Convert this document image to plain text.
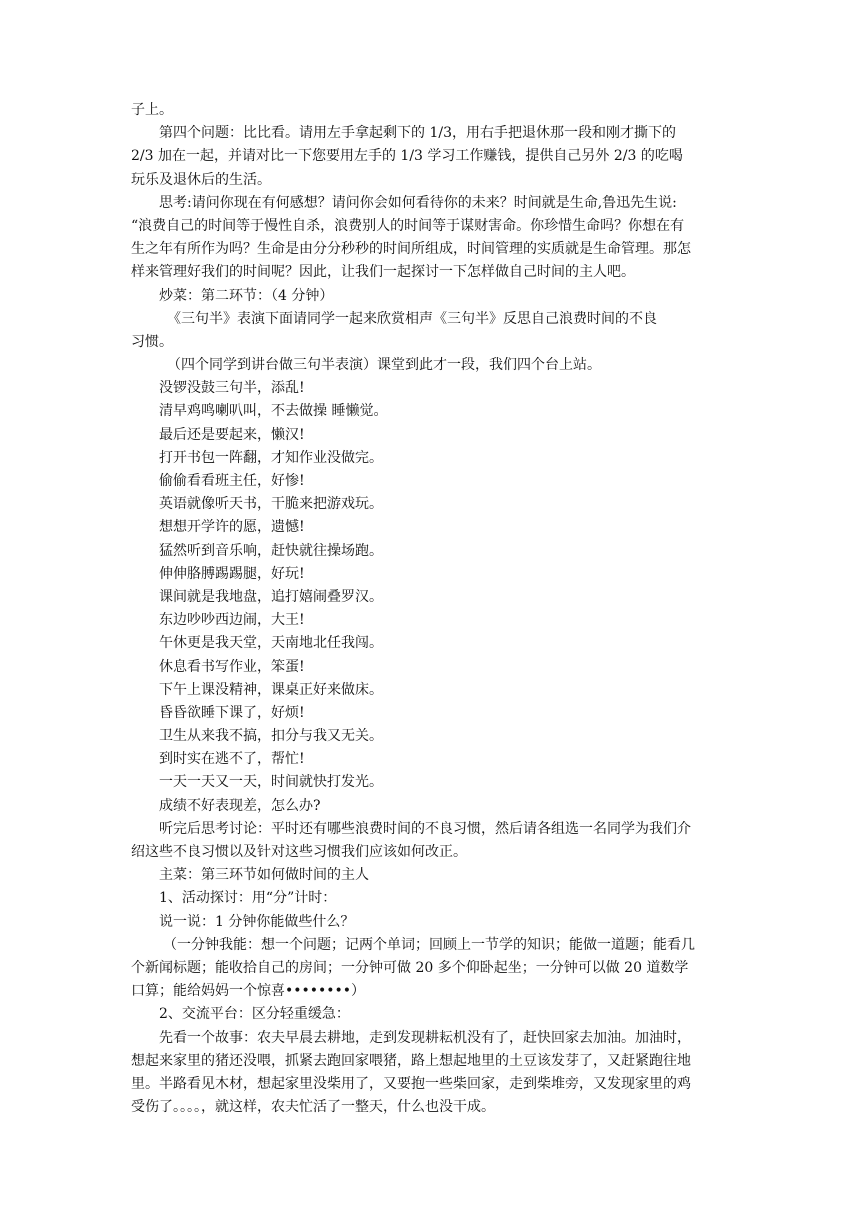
子上。
第四个问题：比比看。请用左手拿起剩下的 1/3，用右手把退休那一段和刚才撕下的
2/3 加在一起，并请对比一下您要用左手的 1/3 学习工作赚钱，提供自己另外 2/3 的吃喝
玩乐及退休后的生活。
思考:请问你现在有何感想？请问你会如何看待你的未来？时间就是生命,鲁迅先生说:
“浪费自己的时间等于慢性自杀，浪费别人的时间等于谋财害命。你珍惜生命吗？你想在有
生之年有所作为吗？生命是由分分秒秒的时间所组成，时间管理的实质就是生命管理。那怎
样来管理好我们的时间呢？因此，让我们一起探讨一下怎样做自己时间的主人吧。
炒菜：第二环节：（4 分钟）
《三句半》表演下面请同学一起来欣赏相声《三句半》反思自己浪费时间的不良
习惯。
（四个同学到讲台做三句半表演）课堂到此才一段，我们四个台上站。
没锣没鼓三句半，添乱!
清早鸡鸣喇叭叫，不去做操 睡懒觉。
最后还是要起来，懒汉!
打开书包一阵翻，才知作业没做完。
偷偷看看班主任，好惨!
英语就像听天书，干脆来把游戏玩。
想想开学许的愿，遗憾!
猛然听到音乐响，赶快就往操场跑。
伸伸胳膊踢踢腿，好玩!
课间就是我地盘，追打嬉闹叠罗汉。
东边吵吵西边闹，大王!
午休更是我天堂，天南地北任我闯。
休息看书写作业，笨蛋!
下午上课没精神，课桌正好来做床。
昏昏欲睡下课了，好烦!
卫生从来我不搞，扣分与我又无关。
到时实在逃不了，帮忙!
一天一天又一天，时间就快打发光。
成绩不好表现差，怎么办?
听完后思考讨论：平时还有哪些浪费时间的不良习惯，然后请各组选一名同学为我们介
绍这些不良习惯以及针对这些习惯我们应该如何改正。
主菜：第三环节如何做时间的主人
1、活动探讨：用“分”计时：
说一说：1 分钟你能做些什么？
（一分钟我能：想一个问题；记两个单词；回顾上一节学的知识；能做一道题；能看几
个新闻标题；能收拾自己的房间；一分钟可做 20 多个仰卧起坐；一分钟可以做 20 道数学
口算；能给妈妈一个惊喜••••••••）
2、交流平台：区分轻重缓急：
先看一个故事：农夫早晨去耕地，走到发现耕耘机没有了，赶快回家去加油。加油时，
想起来家里的猪还没喂，抓紧去跑回家喂猪，路上想起地里的土豆该发芽了，又赶紧跑往地
里。半路看见木材，想起家里没柴用了，又要抱一些柴回家，走到柴堆旁，又发现家里的鸡
受伤了。。。。，就这样，农夫忙活了一整天，什么也没干成。
